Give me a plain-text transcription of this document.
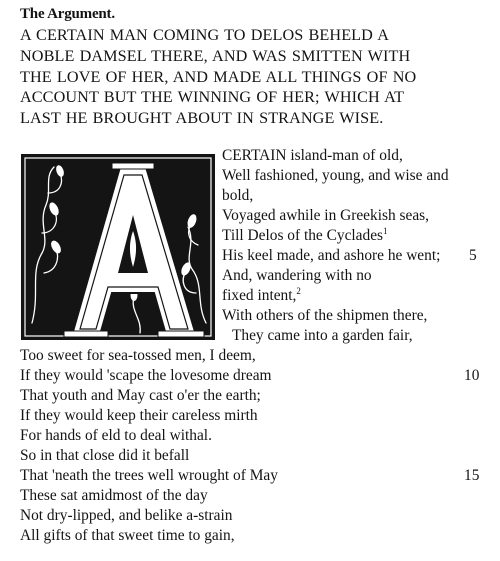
The Argument.
A CERTAIN MAN COMING TO DELOS BEHELD A
NOBLE DAMSEL THERE, AND WAS SMITTEN WITH
THE LOVE OF HER, AND MADE ALL THINGS OF NO
ACCOUNT BUT THE WINNING OF HER; WHICH AT
LAST HE BROUGHT ABOUT IN STRANGE WISE.
CERTAIN island-man of old,
Well fashioned, young, and wise and
bold,
Voyaged awhile in Greekish seas,
Till Delos of the Cyclades$^1$
His keel made, and ashore he went; 5
And, wandering with no
fixed intent,$^2$
With others of the shipmen there,
They came into a garden fair,
Too sweet for sea-tossed men, I deem,
If they would 'scape the lovesome dream	10
That youth and May cast o'er the earth;
If they would keep their careless mirth
For hands of eld to deal withal.
So in that close did it befall
That 'neath the trees well wrought of May	15
These sat amidmost of the day
Not dry-lipped, and belike a-strain
All gifts of that sweet time to gain,
